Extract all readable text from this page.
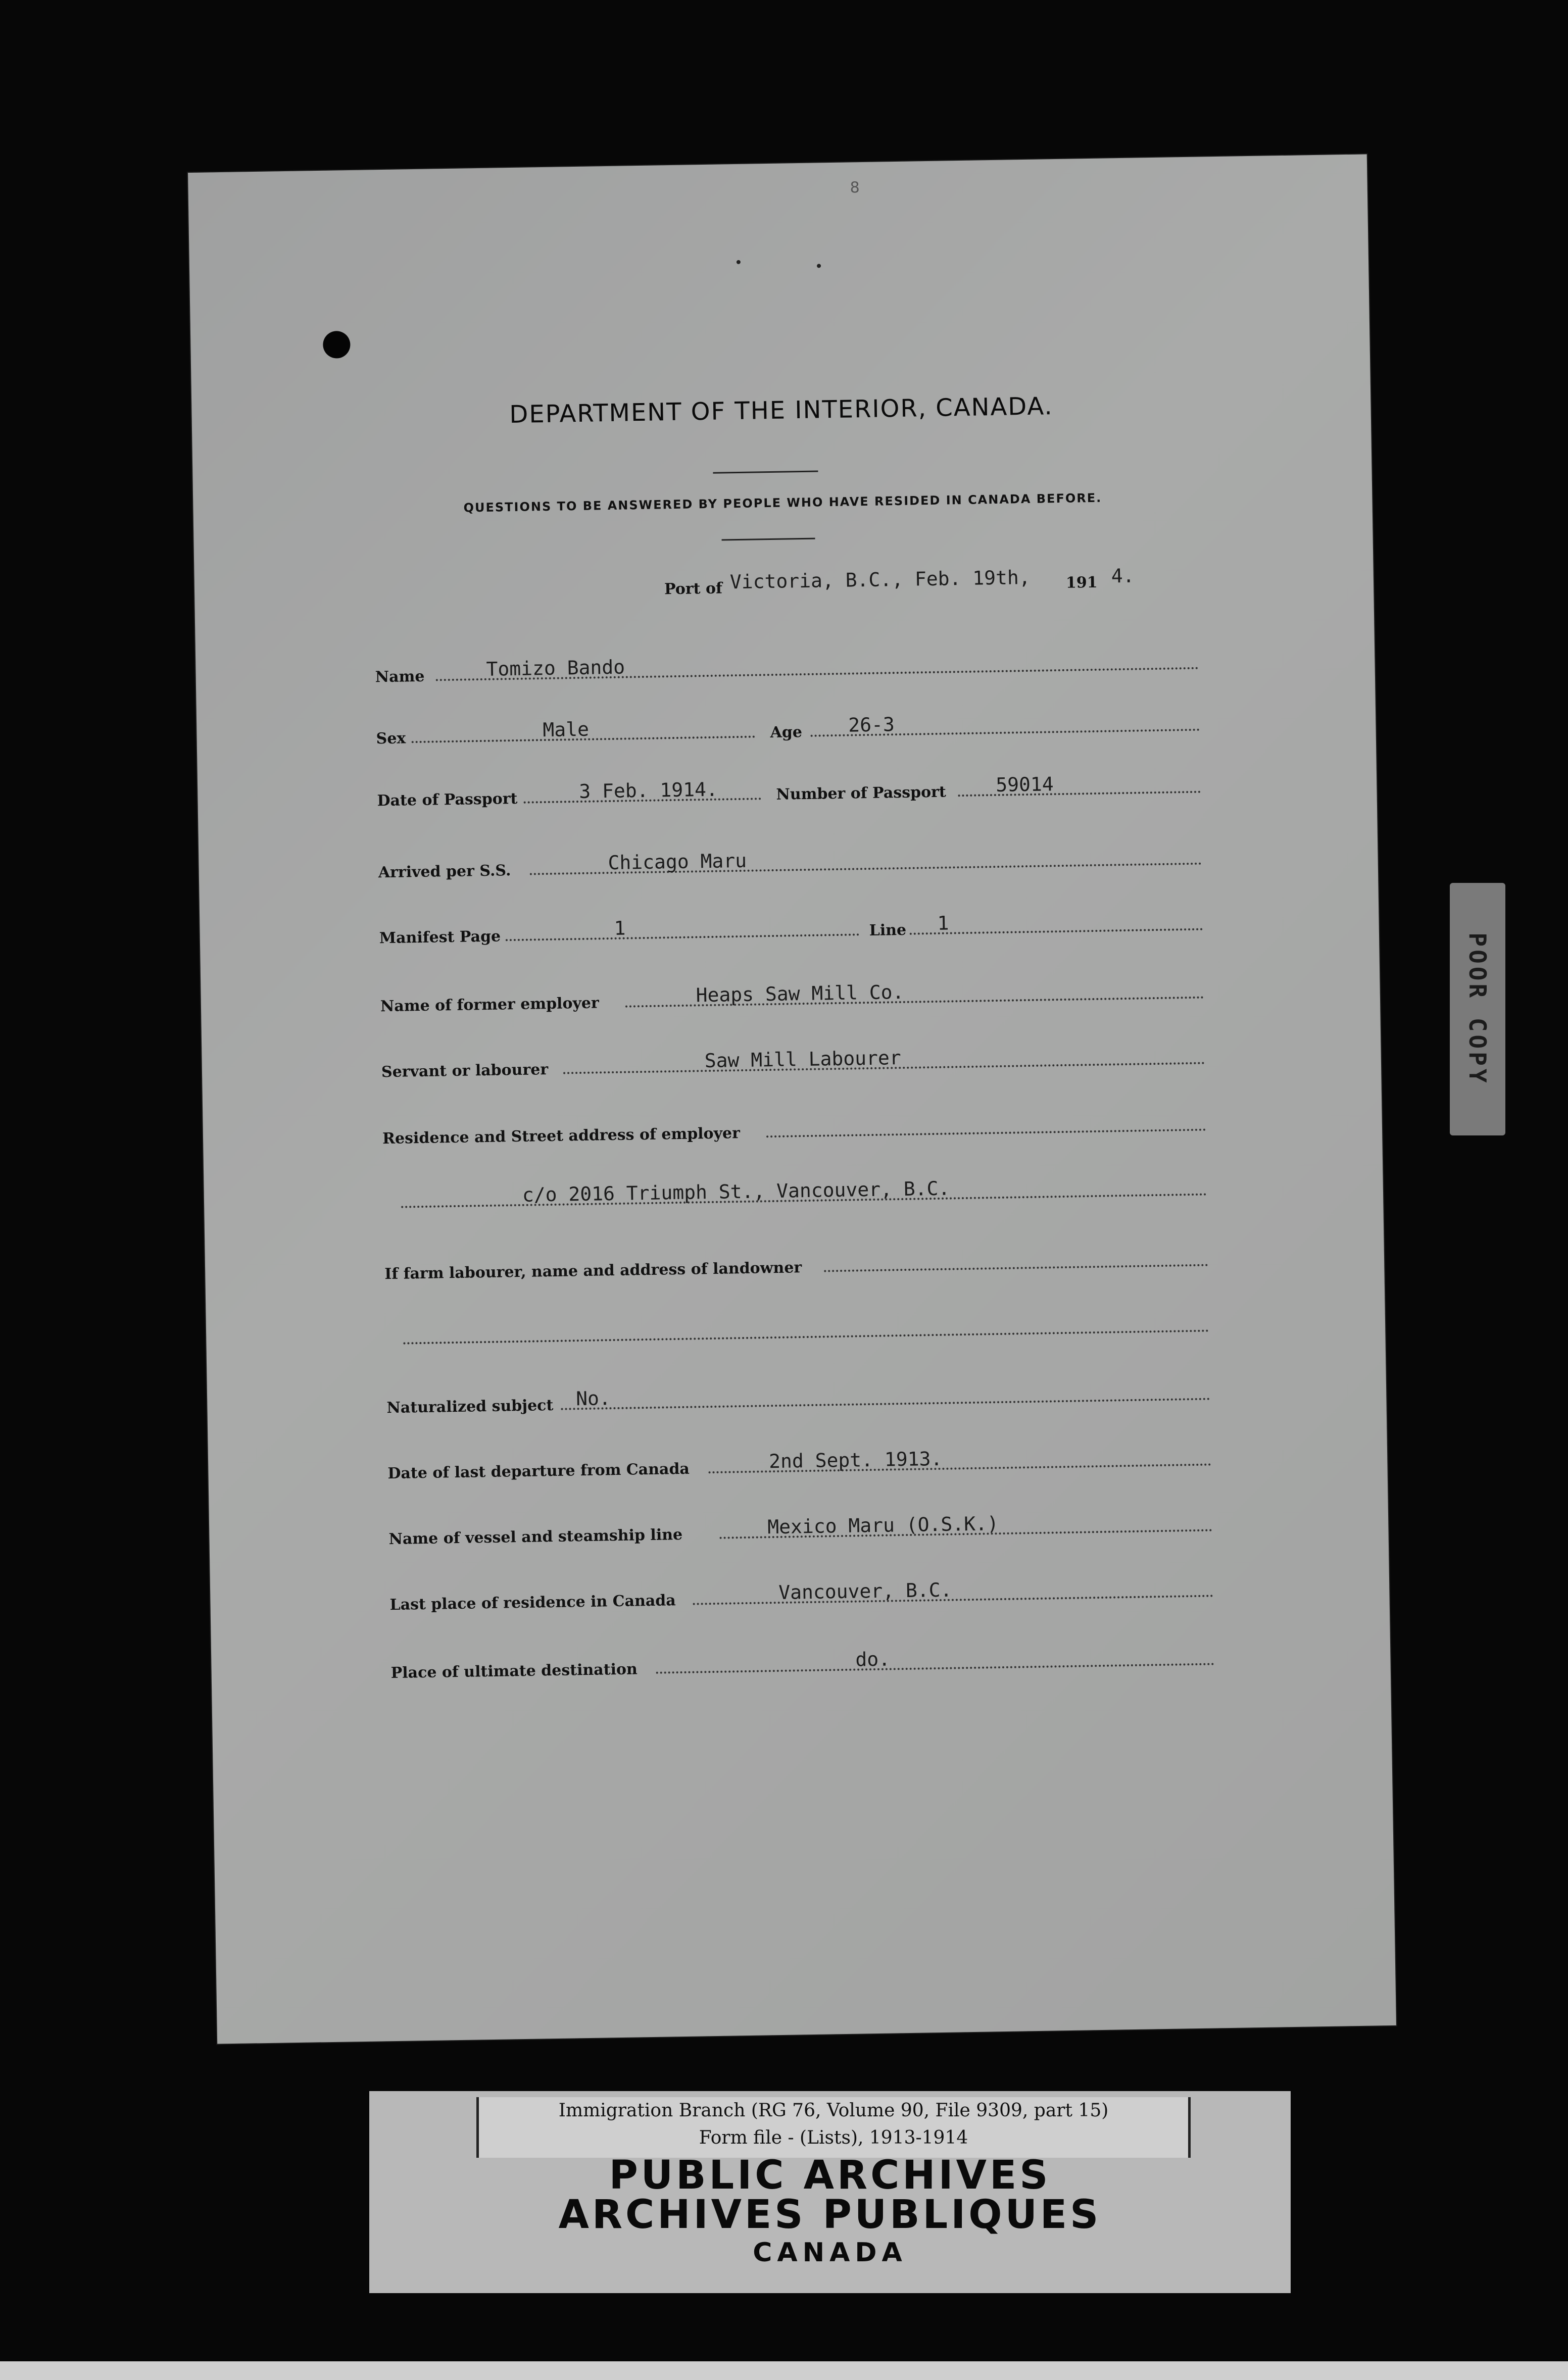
8
DEPARTMENT OF THE INTERIOR, CANADA.
QUESTIONS TO BE ANSWERED BY PEOPLE WHO HAVE RESIDED IN CANADA BEFORE.
Port of Victoria, B.C., Feb. 19th, 191 4.
Name	Tomizo Bando
Sex	Male	Age 26-3
Date of Passport	3 Feb. 1914.	Number of Passport	59014
Arrived per S.S.	Chicago Maru
Manifest Page	1	Line 1
Name of former employer	Heaps Saw Mill Co.
Servant or labourer	Saw Mill Labourer
Residence and Street address of employer
c/o 2016 Triumph St., Vancouver, B.C.
If farm labourer, name and address of landowner
Naturalized subject No.
Date of last departure from Canada	2nd Sept. 1913.
Name of vessel and steamship line	Mexico Maru (O.S.K.)
Last place of residence in Canada	Vancouver, B.C.
Place of ultimate destination
do.
POOR COPY
Immigration Branch (RG 76, Volume 90, File 9309, part 15)
Form file - (Lists), 1913-1914
PUBLIC ARCHIVES
ARCHIVES PUBLIQUES
CANADA
